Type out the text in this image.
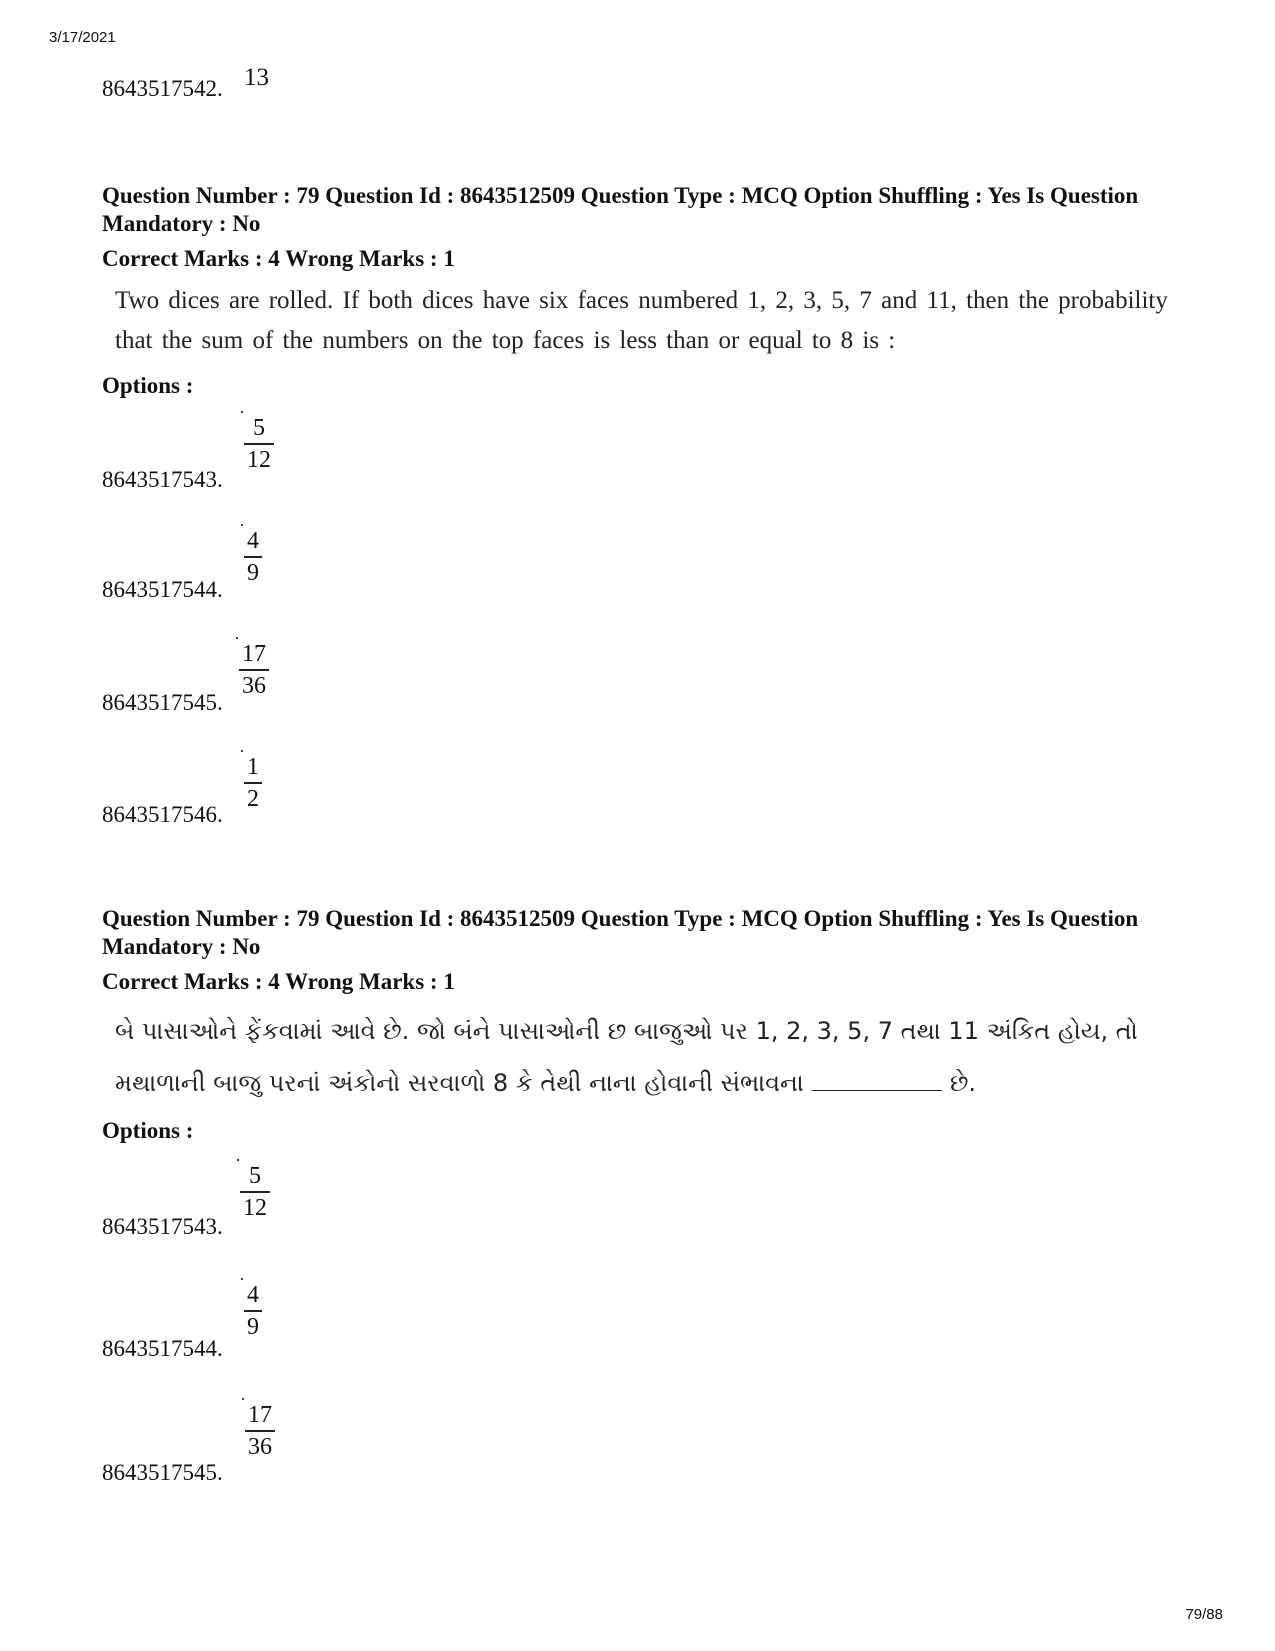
3/17/2021
79/88
8643517542. 13
Question Number : 79 Question Id : 8643512509 Question Type : MCQ Option Shuffling : Yes Is Question Mandatory : No
Correct Marks : 4 Wrong Marks : 1
Two dices are rolled. If both dices have six faces numbered 1, 2, 3, 5, 7 and 11, then the probability that the sum of the numbers on the top faces is less than or equal to 8 is :
Options :
5
12
8643517543.
4
9
8643517544.
17
36
8643517545.
1
2
8643517546.
Question Number : 79 Question Id : 8643512509 Question Type : MCQ Option Shuffling : Yes Is Question Mandatory : No
Correct Marks : 4 Wrong Marks : 1
બે પાસાઓને ફેંકવામાં આવે છે. જો બંને પાસાઓની છ બાજુઓ પર 1, 2, 3, 5, 7 તથા 11 અંકિત હોય, તો મથાળાની બાજુ પરનાં અંકોનો સરવાળો 8 કે તેથી નાના હોવાની સંભાવના	છે.
Options :
5
12
8643517543.
4
9
8643517544.
17
36
8643517545.
